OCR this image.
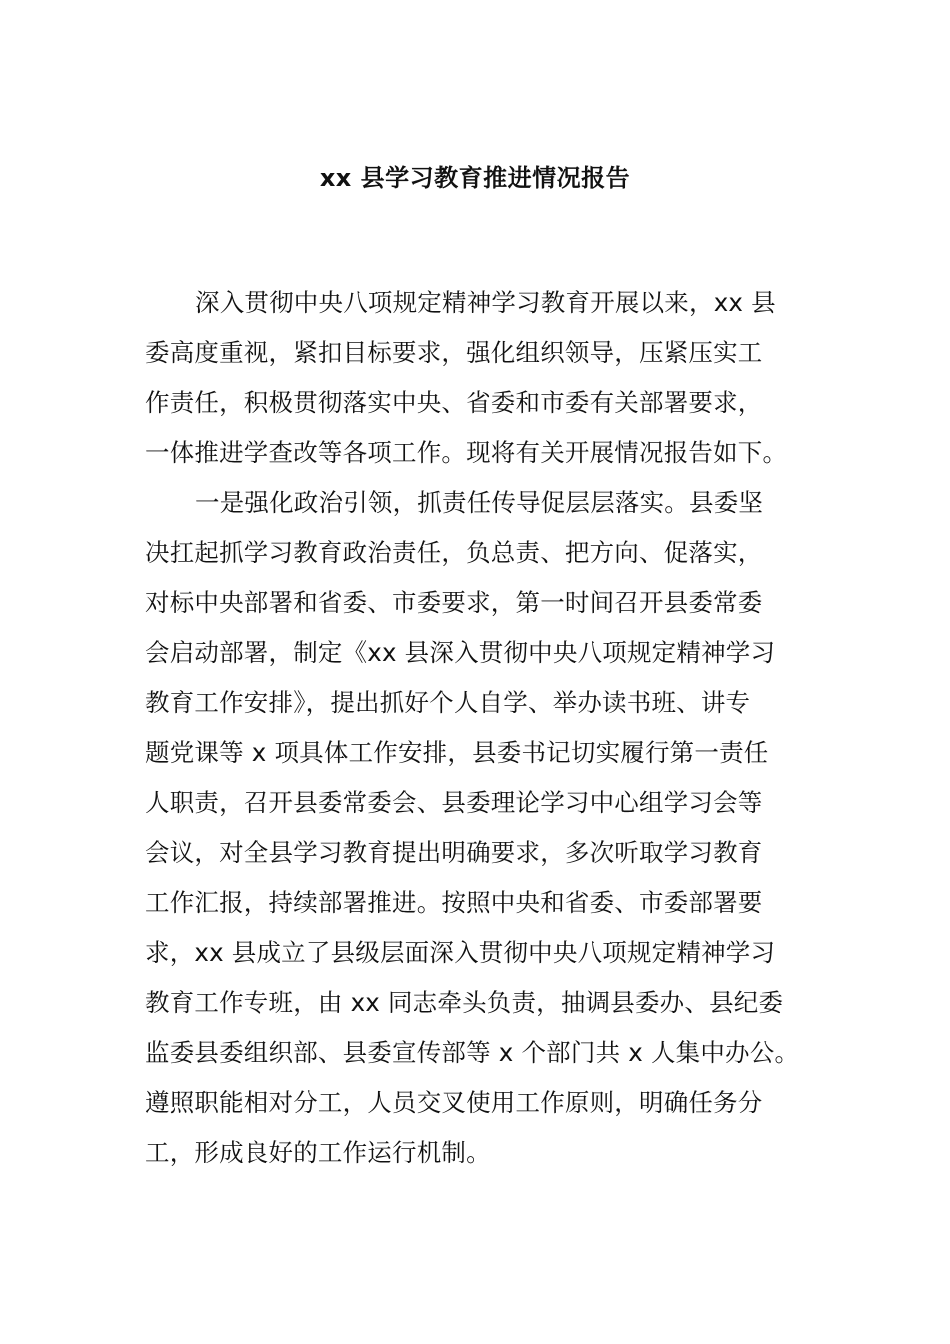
xx 县学习教育推进情况报告
深入贯彻中央八项规定精神学习教育开展以来，xx 县
委高度重视，紧扣目标要求，强化组织领导，压紧压实工
作责任，积极贯彻落实中央、省委和市委有关部署要求，
一体推进学查改等各项工作。现将有关开展情况报告如下。
一是强化政治引领，抓责任传导促层层落实。县委坚
决扛起抓学习教育政治责任，负总责、把方向、促落实，
对标中央部署和省委、市委要求，第一时间召开县委常委
会启动部署，制定《xx 县深入贯彻中央八项规定精神学习
教育工作安排》，提出抓好个人自学、举办读书班、讲专
题党课等 x 项具体工作安排，县委书记切实履行第一责任
人职责，召开县委常委会、县委理论学习中心组学习会等
会议，对全县学习教育提出明确要求，多次听取学习教育
工作汇报，持续部署推进。按照中央和省委、市委部署要
求，xx 县成立了县级层面深入贯彻中央八项规定精神学习
教育工作专班，由 xx 同志牵头负责，抽调县委办、县纪委
监委县委组织部、县委宣传部等 x 个部门共 x 人集中办公。
遵照职能相对分工，人员交叉使用工作原则，明确任务分
工，形成良好的工作运行机制。
